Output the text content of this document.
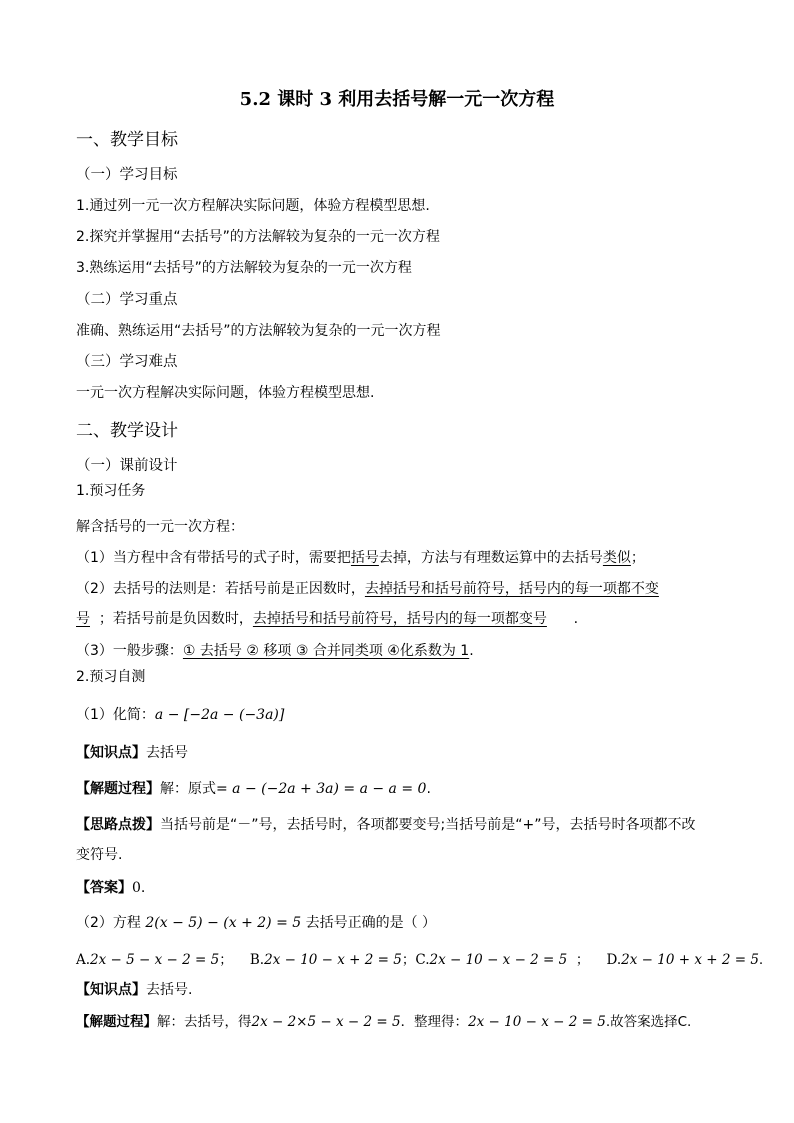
5.2 课时 3 利用去括号解一元一次方程
一、教学目标
（一）学习目标
1.通过列一元一次方程解决实际问题，体验方程模型思想.
2.探究并掌握用“去括号”的方法解较为复杂的一元一次方程
3.熟练运用“去括号”的方法解较为复杂的一元一次方程
（二）学习重点
准确、熟练运用“去括号”的方法解较为复杂的一元一次方程
（三）学习难点
一元一次方程解决实际问题，体验方程模型思想.
二、教学设计
（一）课前设计
1.预习任务
解含括号的一元一次方程：
（1）当方程中含有带括号的式子时，需要把括号去掉，方法与有理数运算中的去括号类似；
（2）去括号的法则是：若括号前是正因数时，去掉括号和括号前符号，括号内的每一项都不变
号 ；若括号前是负因数时，去掉括号和括号前符号，括号内的每一项都变号 .
（3）一般步骤：① 去括号 ② 移项 ③ 合并同类项 ④化系数为 1.
2.预习自测
（1）化简：a − [−2a − (−3a)]
【知识点】去括号
【解题过程】解：原式= a − (−2a + 3a) = a − a = 0.
【思路点拨】当括号前是“－”号，去括号时，各项都要变号;当括号前是“+”号，去括号时各项都不改
变符号.
【答案】0.
（2）方程 2(x − 5) − (x + 2) = 5 去括号正确的是（ ）
A.2x − 5 − x − 2 = 5； B.2x − 10 − x + 2 = 5；C.2x − 10 − x − 2 = 5 ； D.2x − 10 + x + 2 = 5.
【知识点】去括号.
【解题过程】解：去括号，得2x − 2×5 − x − 2 = 5．整理得：2x − 10 − x − 2 = 5.故答案选择C.
